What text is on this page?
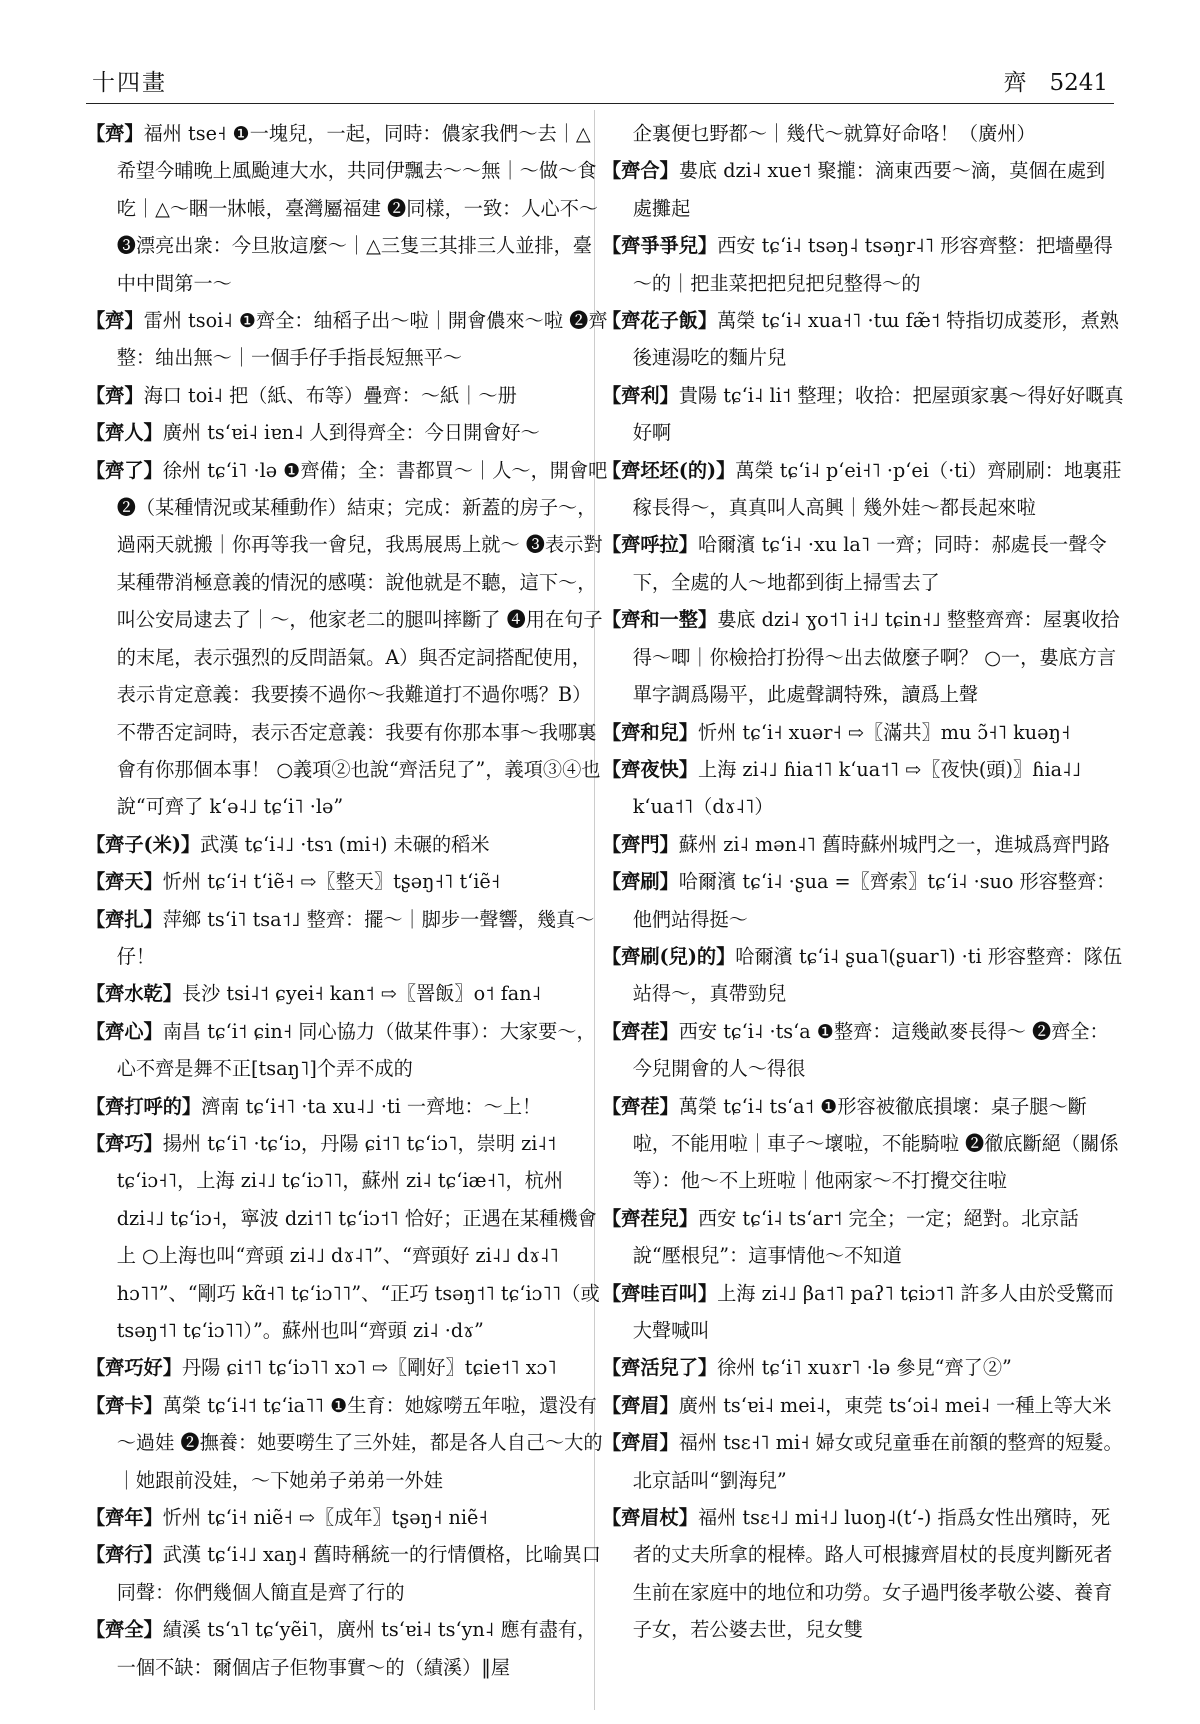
十四畫	齊 5241

【齊】福州 tse˧ ❶一塊兒，一起，同時：儂家我們～去｜△希望今晡晚上風颱連大水，共同伊飄去～～無｜～做～食吃｜△～睏一牀帳，臺灣屬福建 ❷同樣，一致：人心不～ ❸漂亮出衆：今旦妝這麼～｜△三隻三其排三人並排，臺中中間第一～

【齊】雷州 tsoi˨ ❶齊全：䌷稻子出～啦｜開會儂來～啦 ❷齊整：䌷出無～｜一個手仔手指長短無平～

【齊】海口 toi˨ 把（紙、布等）疊齊：～紙｜～册

【齊人】廣州 tsʻɐi˨ iɐn˨ 人到得齊全：今日開會好～

【齊了】徐州 tɕʻi˥ ·lə ❶齊備；全：書都買～｜人～，開會吧 ❷（某種情況或某種動作）結束；完成：新蓋的房子～，過兩天就搬｜你再等我一會兒，我馬展馬上就～ ❸表示對某種帶消極意義的情況的感嘆：說他就是不聽，這下～，叫公安局逮去了｜～，他家老二的腿叫摔斷了 ❹用在句子的末尾，表示强烈的反問語氣。A）與否定詞搭配使用，表示肯定意義：我要揍不過你～我難道打不過你嗎？B）不帶否定詞時，表示否定意義：我要有你那本事～我哪裏會有你那個本事！ ○義項②也說“齊活兒了”，義項③④也說“可齊了 kʻə˨˩ tɕʻi˥ ·lə”

【齊子(米)】武漢 tɕʻi˨˩ ·tsɿ (mi˧) 未碾的稻米

【齊天】忻州 tɕʻi˧ tʻiẽ˧ ⇨〖整天〗tʂəŋ˧˥ tʻiẽ˧

【齊扎】萍鄉 tsʻi˥ tsa˦˩ 整齊：擺～｜脚步一聲響，幾真～仔！

【齊水乾】長沙 tsi˨˦ ɕyei˧ kan˦ ⇨〖罯飯〗o˦ fan˨

【齊心】南昌 tɕʻi˦ ɕin˧ 同心協力（做某件事）：大家要～，心不齊是舞不正[tsaŋ˥]个弄不成的

【齊打呼的】濟南 tɕʻi˧˥ ·ta xu˨˩ ·ti 一齊地：～上！

【齊巧】揚州 tɕʻi˥ ·tɕʻiɔ，丹陽 ɕi˦˥ tɕʻiɔ˥，崇明 zi˨˦ tɕʻiɔ˧˥，上海 zi˨˩ tɕʻiɔ˥˥，蘇州 zi˨ tɕʻiæ˧˥，杭州 dzi˨˩ tɕʻiɔ˧，寧波 dzi˦˥ tɕʻiɔ˦˥ 恰好；正遇在某種機會上 ○上海也叫“齊頭 zi˨˩ dɤ˨˥”、“齊頭好 zi˨˩ dɤ˨˥ hɔ˥˥”、“剛巧 kɑ̃˧˥ tɕʻiɔ˥˥”、“正巧 tsəŋ˦˥ tɕʻiɔ˥˥（或 tsəŋ˦˥ tɕʻiɔ˥˥）”。蘇州也叫“齊頭 zi˨ ·dɤ”

【齊巧好】丹陽 ɕi˦˥ tɕʻiɔ˥˥ xɔ˥ ⇨〖剛好〗tɕie˦˥ xɔ˥

【齊卡】萬榮 tɕʻi˨˦ tɕʻia˥˥ ❶生育：她嫁嘮五年啦，還没有～過娃 ❷撫養：她要嘮生了三外娃，都是各人自己～大的｜她跟前没娃，～下她弟子弟弟一外娃

【齊年】忻州 tɕʻi˧ niẽ˧ ⇨〖成年〗tʂəŋ˧ niẽ˧

【齊行】武漢 tɕʻi˨˩ xaŋ˨ 舊時稱統一的行情價格，比喻異口同聲：你們幾個人簡直是齊了行的

【齊全】績溪 tsʻɿ˥ tɕʻyẽi˥，廣州 tsʻɐi˨ tsʻyn˨ 應有盡有，一個不缺：爾個店子佢物事實～的（績溪）‖屋

企裏便乜野都～｜幾代～就算好命咯！（廣州）

【齊合】婁底 dzi˨ xue˦ 聚攏：滴東西要～滴，莫個在處到處攤起

【齊爭爭兒】西安 tɕʻi˨ tsəŋ˨ tsəŋr˨˥ 形容齊整：把墻壘得～的｜把韭菜把把兒把兒整得～的

【齊花子飯】萬榮 tɕʻi˨ xua˧˥ ·tɯ fæ̃˦ 特指切成菱形，煮熟後連湯吃的麵片兒

【齊利】貴陽 tɕʻi˨ li˦ 整理；收拾：把屋頭家裏～得好好嘅真好啊

【齊坯坯(的)】萬榮 tɕʻi˨ pʻei˧˥ ·pʻei（·ti）齊刷刷：地裏莊稼長得～，真真叫人高興｜幾外娃～都長起來啦

【齊呼拉】哈爾濱 tɕʻi˨ ·xu la˥ 一齊；同時：郝處長一聲令下，全處的人～地都到街上掃雪去了

【齊和一整】婁底 dzi˨ ɣo˦˥ i˧˩ tɕin˧˩ 整整齊齊：屋裏收拾得～唧｜你檢拾打扮得～出去做麼子啊？ ○一，婁底方言單字調爲陽平，此處聲調特殊，讀爲上聲

【齊和兒】忻州 tɕʻi˧ xuər˧ ⇨〖滿共〗mu ɔ̃˧˥ kuəŋ˧

【齊夜快】上海 zi˨˩ ɦia˦˥ kʻua˦˥ ⇨〖夜快(頭)〗ɦia˨˩ kʻua˦˥（dɤ˨˥）

【齊門】蘇州 zi˨ mən˨˥ 舊時蘇州城門之一，進城爲齊門路

【齊刷】哈爾濱 tɕʻi˨ ·ʂua =〖齊索〗tɕʻi˨ ·suo 形容整齊：他們站得挺～

【齊刷(兒)的】哈爾濱 tɕʻi˨ ʂua˥(ʂuar˥) ·ti 形容整齊：隊伍站得～，真帶勁兒

【齊茬】西安 tɕʻi˨ ·tsʻa ❶整齊：這幾畝麥長得～ ❷齊全：今兒開會的人～得很

【齊茬】萬榮 tɕʻi˨ tsʻa˦ ❶形容被徹底損壞：桌子腿～斷啦，不能用啦｜車子～壞啦，不能騎啦 ❷徹底斷絕（關係等）：他～不上班啦｜他兩家～不打攪交往啦

【齊茬兒】西安 tɕʻi˨ tsʻar˦ 完全；一定；絕對。北京話說“壓根兒”：這事情他～不知道

【齊哇百叫】上海 zi˨˩ βa˦˥ paʔ˥ tɕiɔ˦˥ 許多人由於受驚而大聲喊叫

【齊活兒了】徐州 tɕʻi˥ xuɤr˥ ·lə 參見“齊了②”

【齊眉】廣州 tsʻɐi˨ mei˨，東莞 tsʻɔi˨ mei˨ 一種上等大米

【齊眉】福州 tsɛ˧˥ mi˧ 婦女或兒童垂在前額的整齊的短髮。北京話叫“劉海兒”

【齊眉杖】福州 tsɛ˧˩ mi˧˩ luoŋ˨(tʻ-) 指爲女性出殯時，死者的丈夫所拿的棍棒。路人可根據齊眉杖的長度判斷死者生前在家庭中的地位和功勞。女子過門後孝敬公婆、養育子女，若公婆去世，兒女雙
